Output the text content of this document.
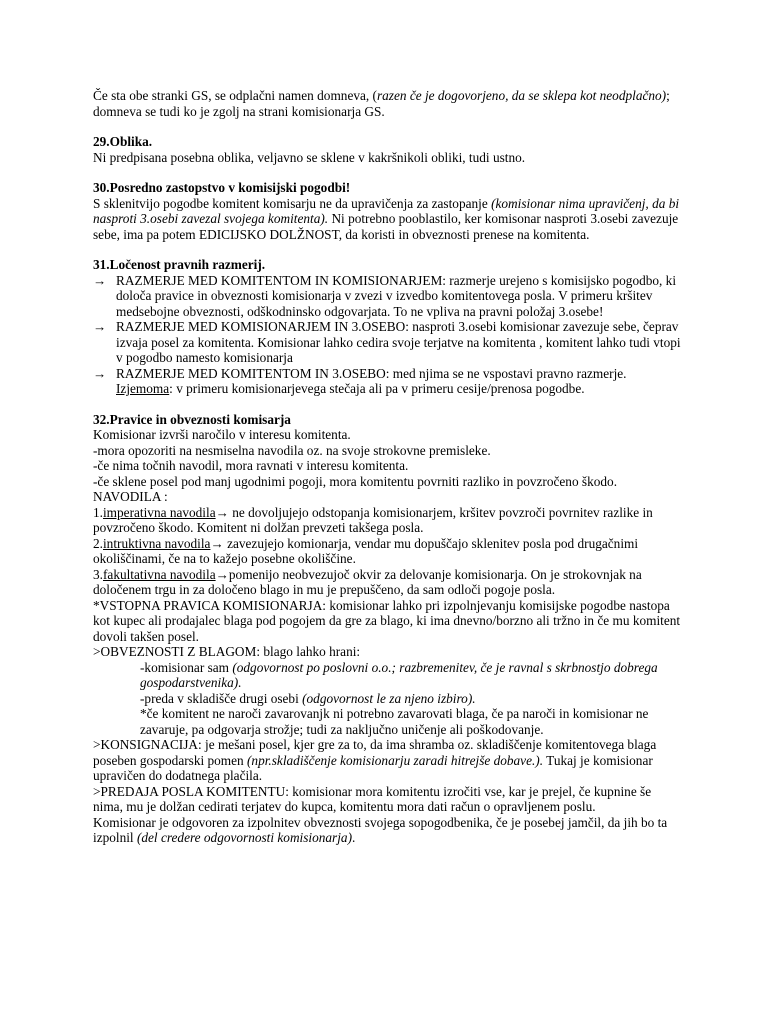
Če sta obe stranki GS, se odplačni namen domneva, (razen če je dogovorjeno, da se sklepa kot neodplačno); domneva se tudi ko je zgolj na strani komisionarja GS.

29.Oblika.

Ni predpisana posebna oblika, veljavno se sklene v kakršnikoli obliki, tudi ustno.

30.Posredno zastopstvo v komisijski pogodbi!

S sklenitvijo pogodbe komitent komisarju ne da upravičenja za zastopanje (komisionar nima upravičenj, da bi nasproti 3.osebi zavezal svojega komitenta). Ni potrebno pooblastilo, ker komisonar nasproti 3.osebi zavezuje sebe, ima pa potem EDICIJSKO DOLŽNOST, da koristi in obveznosti prenese na komitenta.

31.Ločenost pravnih razmerij.

→ RAZMERJE MED KOMITENTOM IN KOMISIONARJEM: razmerje urejeno s komisijsko pogodbo, ki določa pravice in obveznosti komisionarja v zvezi v izvedbo komitentovega posla. V primeru kršitev medsebojne obveznosti, odškodninsko odgovarjata. To ne vpliva na pravni položaj 3.osebe!
→ RAZMERJE MED KOMISIONARJEM IN 3.OSEBO: nasproti 3.osebi komisionar zavezuje sebe, čeprav izvaja posel za komitenta. Komisionar lahko cedira svoje terjatve na komitenta , komitent lahko tudi vtopi v pogodbo namesto komisionarja
→ RAZMERJE MED KOMITENTOM IN 3.OSEBO: med njima se ne vspostavi pravno razmerje. Izjemoma: v primeru komisionarjevega stečaja ali pa v primeru cesije/prenosa pogodbe.

32.Pravice in obveznosti komisarja

Komisionar izvrši naročilo v interesu komitenta.

-mora opozoriti na nesmiselna navodila oz. na svoje strokovne premisleke.

-če nima točnih navodil, mora ravnati v interesu komitenta.

-če sklene posel pod manj ugodnimi pogoji, mora komitentu povrniti razliko in povzročeno škodo.

NAVODILA :

1.imperativna navodila→ ne dovoljujejo odstopanja komisionarjem, kršitev povzroči povrnitev razlike in povzročeno škodo. Komitent ni dolžan prevzeti takšega posla.

2.intruktivna navodila→ zavezujejo komionarja, vendar mu dopuščajo sklenitev posla pod drugačnimi okoliščinami, če na to kažejo posebne okoliščine.

3.fakultativna navodila→pomenijo neobvezujoč okvir za delovanje komisionarja. On je strokovnjak na določenem trgu in za določeno blago in mu je prepuščeno, da sam odloči pogoje posla.

*VSTOPNA PRAVICA KOMISIONARJA: komisionar lahko pri izpolnjevanju komisijske pogodbe nastopa kot kupec ali prodajalec blaga pod pogojem da gre za blago, ki ima dnevno/borzno ali tržno in če mu komitent dovoli takšen posel.

>OBVEZNOSTI Z BLAGOM: blago lahko hrani:

-komisionar sam (odgovornost po poslovni o.o.; razbremenitev, če je ravnal s skrbnostjo dobrega gospodarstvenika).

-preda v skladišče drugi osebi (odgovornost le za njeno izbiro).

*če komitent ne naroči zavarovanjk ni potrebno zavarovati blaga, če pa naroči in komisionar ne zavaruje, pa odgovarja strožje; tudi za naključno uničenje ali poškodovanje.

>KONSIGNACIJA: je mešani posel, kjer gre za to, da ima shramba oz. skladiščenje komitentovega blaga poseben gospodarski pomen (npr.skladiščenje komisionarju zaradi hitrejše dobave.). Tukaj je komisionar upravičen do dodatnega plačila.

>PREDAJA POSLA KOMITENTU: komisionar mora komitentu izročiti vse, kar je prejel, če kupnine še nima, mu je dolžan cedirati terjatev do kupca, komitentu mora dati račun o opravljenem poslu.

Komisionar je odgovoren za izpolnitev obveznosti svojega sopogodbenika, če je posebej jamčil, da jih bo ta izpolnil (del credere odgovornosti komisionarja).
